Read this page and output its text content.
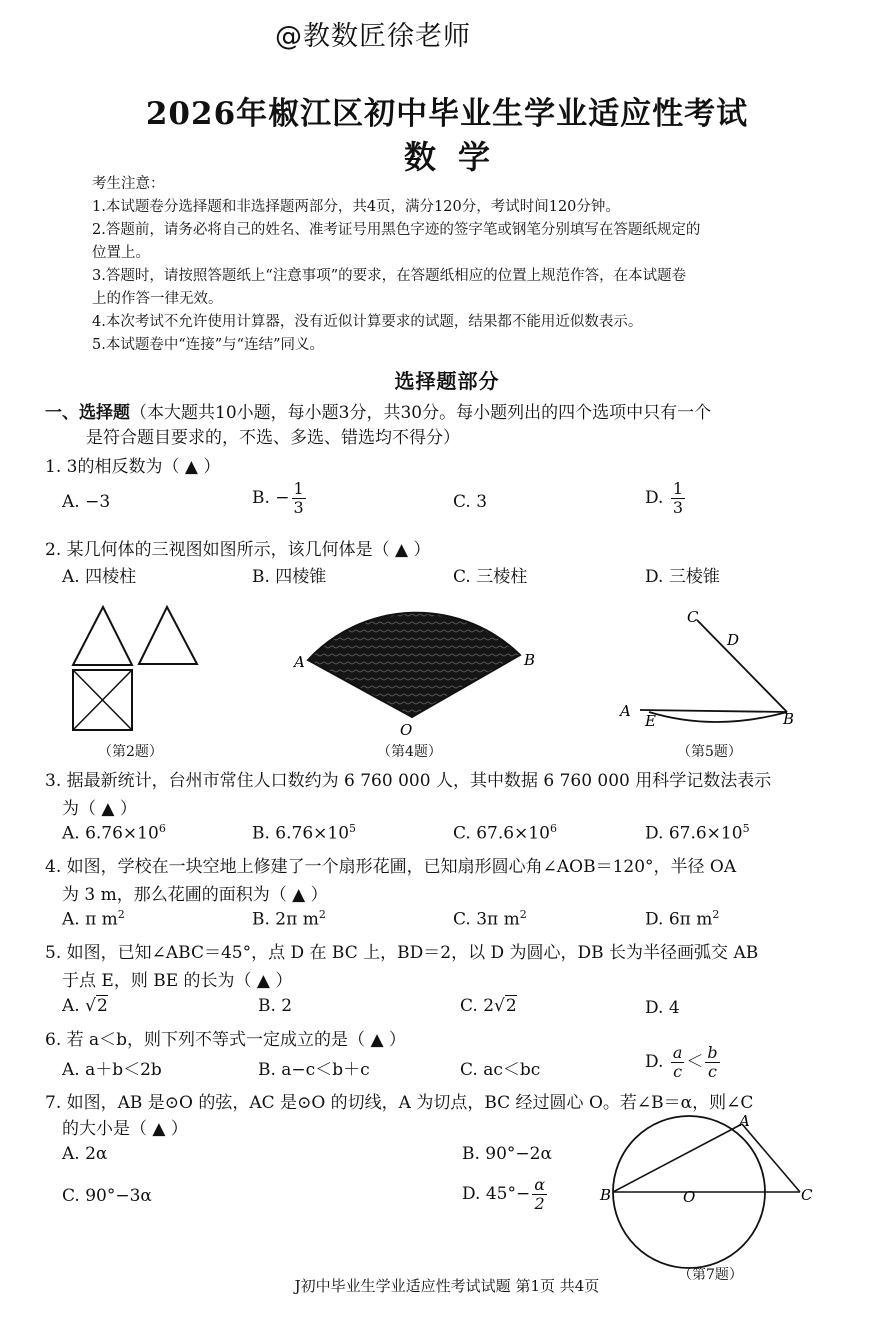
@教数匠徐老师
2026年椒江区初中毕业生学业适应性考试
数学
考生注意：
1.本试题卷分选择题和非选择题两部分，共4页，满分120分，考试时间120分钟。
2.答题前，请务必将自己的姓名、准考证号用黑色字迹的签字笔或钢笔分别填写在答题纸规定的
位置上。
3.答题时，请按照答题纸上“注意事项”的要求，在答题纸相应的位置上规范作答，在本试题卷
上的作答一律无效。
4.本次考试不允许使用计算器，没有近似计算要求的试题，结果都不能用近似数表示。
5.本试题卷中“连接”与“连结”同义。
选择题部分
一、选择题（本大题共10小题，每小题3分，共30分。每小题列出的四个选项中只有一个
是符合题目要求的，不选、多选、错选均不得分）
1. 3的相反数为（ ▲ ）
A. −3	B. − $\frac{1}{3}$	C. 3	D. $\frac{1}{3}$
2. 某几何体的三视图如图所示，该几何体是（ ▲ ）
A. 四棱柱	B. 四棱锥	C. 三棱柱	D. 三棱锥
（第2题）
A	B
O
（第4题）
C
D
A
E	B
（第5题）
3. 据最新统计，台州市常住人口数约为 6 760 000 人，其中数据 6 760 000 用科学记数法表示
为（ ▲ ）
A. $6.76\times 10^6$	B. $6.76\times 10^5$	C. $67.6\times 10^6$	D. $67.6\times 10^5$
4. 如图，学校在一块空地上修建了一个扇形花圃，已知扇形圆心角∠AOB＝120°，半径 OA
为 3 m，那么花圃的面积为（ ▲ ）
A. π $m^2$	B. 2π $m^2$	C. 3π $m^2$	D. 6π $m^2$
5. 如图，已知∠ABC＝45°，点 D 在 BC 上，BD＝2，以 D 为圆心，DB 长为半径画弧交 AB
于点 E，则 BE 的长为（ ▲ ）
A. √2	B. 2	C. 2√2	D. 4
6. 若 a＜b，则下列不等式一定成立的是（ ▲ ）
A. a＋b＜2b	B. a−c＜b＋c	C. ac＜bc	D. $\frac{a}{c} < \frac{b}{c}$
7. 如图，AB 是⊙O 的弦，AC 是⊙O 的切线，A 为切点，BC 经过圆心 O。若∠B＝α，则∠C
的大小是（ ▲ ）
A. 2α	B. 90°−2α
C. 90°−3α	D. $45^\circ- \frac{\alpha}{2}$
A
B	O	C
（第7题）
J初中毕业生学业适应性考试试题 第1页 共4页
